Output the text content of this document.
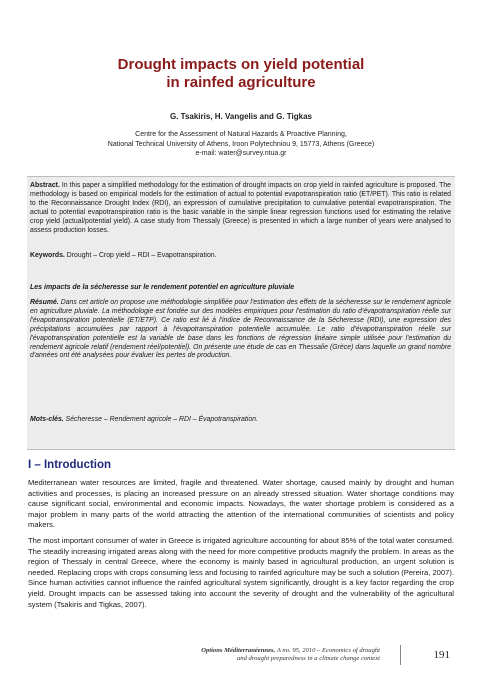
Drought impacts on yield potential
in rainfed agriculture
G. Tsakiris, H. Vangelis and G. Tigkas
Centre for the Assessment of Natural Hazards & Proactive Planning,
National Technical University of Athens, Iroon Polytechniou 9, 15773, Athens (Greece)
e-mail: water@survey.ntua.gr

Abstract. In this paper a simplified methodology for the estimation of drought impacts on crop yield in rainfed agriculture is proposed. The methodology is based on empirical models for the estimation of actual to potential evapotranspiration ratio (ET/PET). This ratio is related to the Reconnaissance Drought Index (RDI), an expression of cumulative precipitation to cumulative potential evapotranspiration. The actual to potential evapotranspiration ratio is the basic variable in the simple linear regression functions used for estimating the relative crop yield (actual/potential yield). A case study from Thessaly (Greece) is presented in which a large number of years were analysed to assess production losses.

Keywords. Drought – Crop yield – RDI – Evapotranspiration.

Les impacts de la sécheresse sur le rendement potentiel en agriculture pluviale

Résumé. Dans cet article on propose une méthodologie simplifiée pour l'estimation des effets de la sécheresse sur le rendement agricole en agriculture pluviale. La méthodologie est fondée sur des modèles empiriques pour l'estimation du ratio d'évapotranspiration réelle sur l'évapotranspiration potentielle (ET/ETP). Ce ratio est lié à l'indice de Reconnaissance de la Sécheresse (RDI), une expression des précipitations accumulées par rapport à l'évapotranspiration potentielle accumulée. Le ratio d'évapotranspiration réelle sur l'évapotranspiration potentielle est la variable de base dans les fonctions de régression linéaire simple utilisée pour l'estimation du rendement agricole relatif (rendement réel/potentiel). On présente une étude de cas en Thessalie (Grèce) dans laquelle un grand nombre d'années ont été analysées pour évaluer les pertes de production.

Mots-clés. Sécheresse – Rendement agricole – RDI – Évapotranspiration.

I – Introduction

Mediterranean water resources are limited, fragile and threatened. Water shortage, caused mainly by drought and human activities and processes, is placing an increased pressure on an already stressed situation. Water shortage conditions may cause significant social, environmental and economic impacts. Nowadays, the water shortage problem is considered as a major problem in many parts of the world attracting the attention of the international communities of scientists and policy makers.

The most important consumer of water in Greece is irrigated agriculture accounting for about 85% of the total water consumed. The steadily increasing irrigated areas along with the need for more competitive products magnify the problem. In areas as the region of Thessaly in central Greece, where the economy is mainly based in agricultural production, an urgent solution is needed. Replacing crops with crops consuming less and focusing to rainfed agriculture may be such a solution (Pereira, 2007). Since human activities cannot influence the rainfed agricultural system significantly, drought is a key factor regarding the crop yield. Drought impacts can be assessed taking into account the severity of drought and the vulnerability of the agricultural system (Tsakiris and Tigkas, 2007).

Options Méditerranéennes, A no. 95, 2010 – Economics of drought
and drought preparedness in a climate change context	191
